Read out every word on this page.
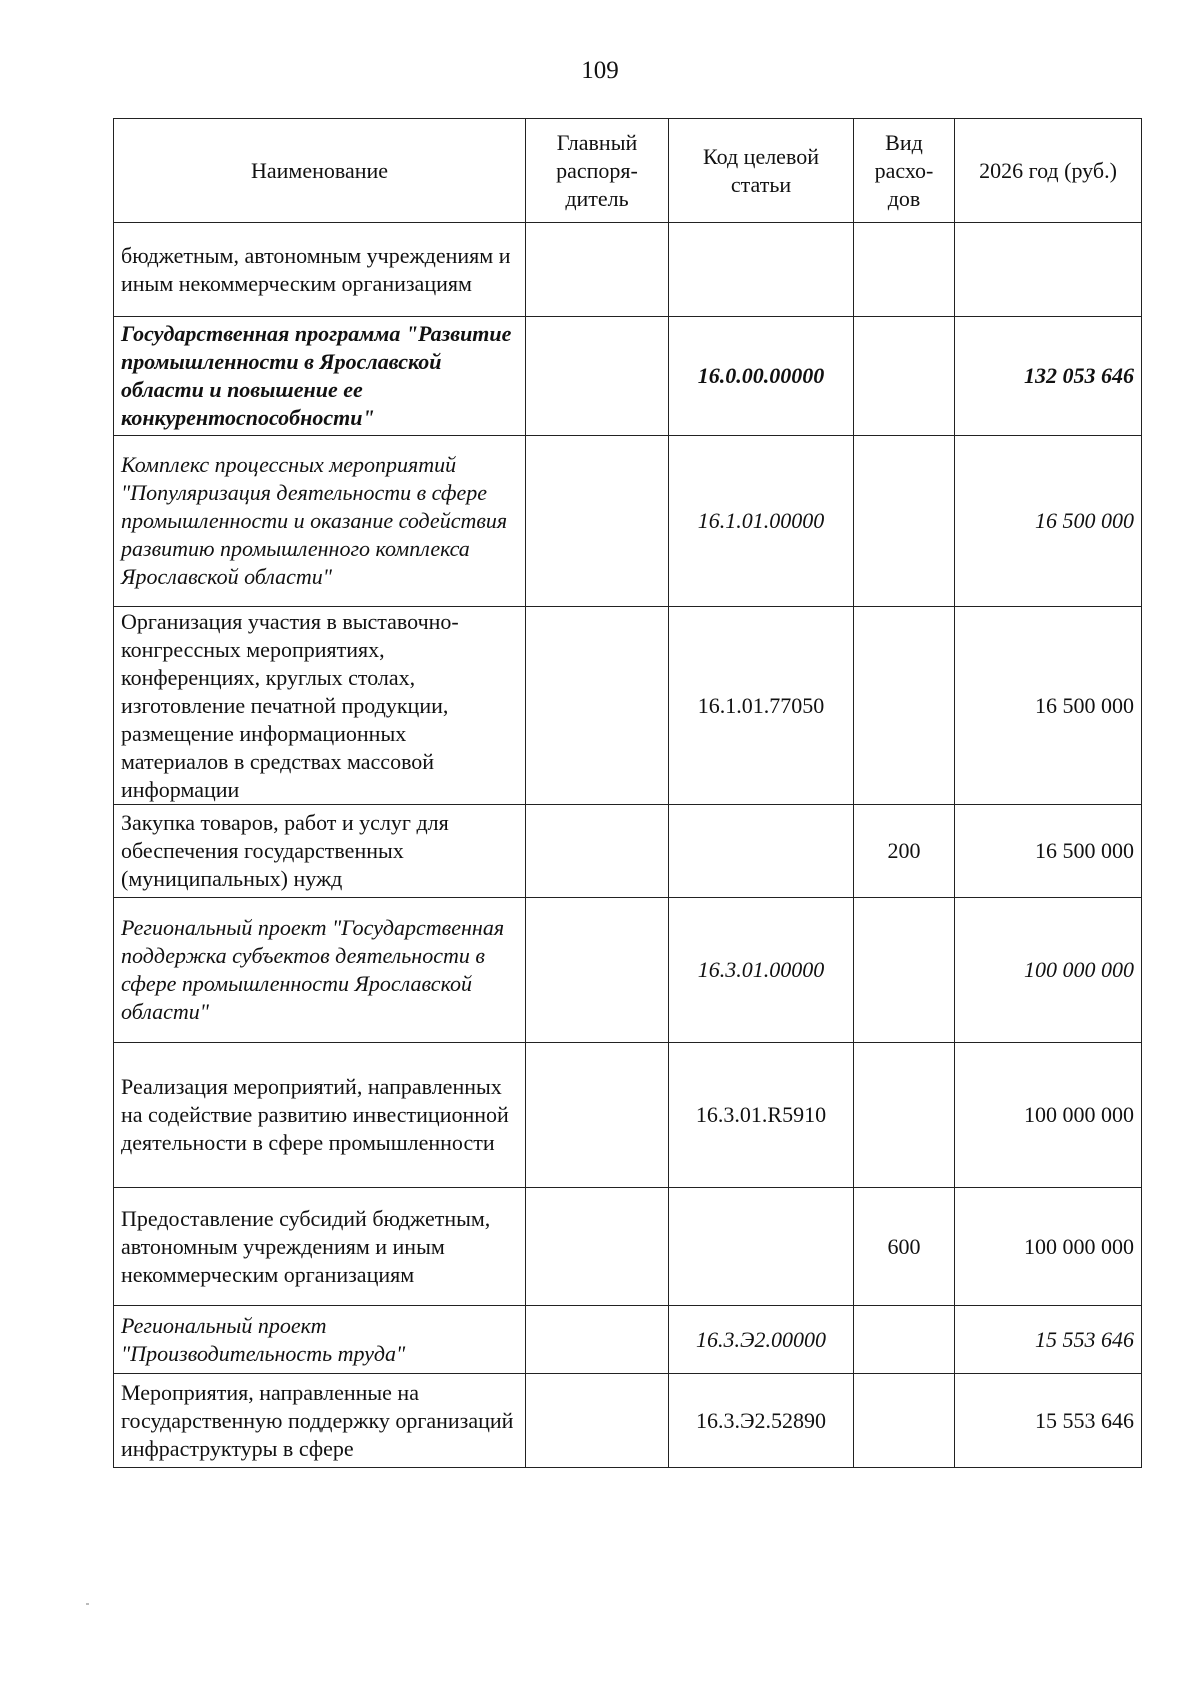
109
Наименование	Главный распоря-дитель	Код целевой статьи	Вид расхо-дов	2026 год (руб.)
бюджетным, автономным учреждениям и иным некоммерческим организациям				
Государственная программа "Развитие промышленности в Ярославской области и повышение ее конкурентоспособности"		16.0.00.00000		132 053 646
Комплекс процессных мероприятий "Популяризация деятельности в сфере промышленности и оказание содействия развитию промышленного комплекса Ярославской области"		16.1.01.00000		16 500 000
Организация участия в выставочно-конгрессных мероприятиях, конференциях, круглых столах, изготовление печатной продукции, размещение информационных материалов в средствах массовой информации		16.1.01.77050		16 500 000
Закупка товаров, работ и услуг для обеспечения государственных (муниципальных) нужд			200	16 500 000
Региональный проект "Государственная поддержка субъектов деятельности в сфере промышленности Ярославской области"		16.3.01.00000		100 000 000
Реализация мероприятий, направленных на содействие развитию инвестиционной деятельности в сфере промышленности		16.3.01.R5910		100 000 000
Предоставление субсидий бюджетным, автономным учреждениям и иным некоммерческим организациям			600	100 000 000
Региональный проект "Производительность труда"		16.3.Э2.00000		15 553 646
Мероприятия, направленные на государственную поддержку организаций инфраструктуры в сфере		16.3.Э2.52890		15 553 646
